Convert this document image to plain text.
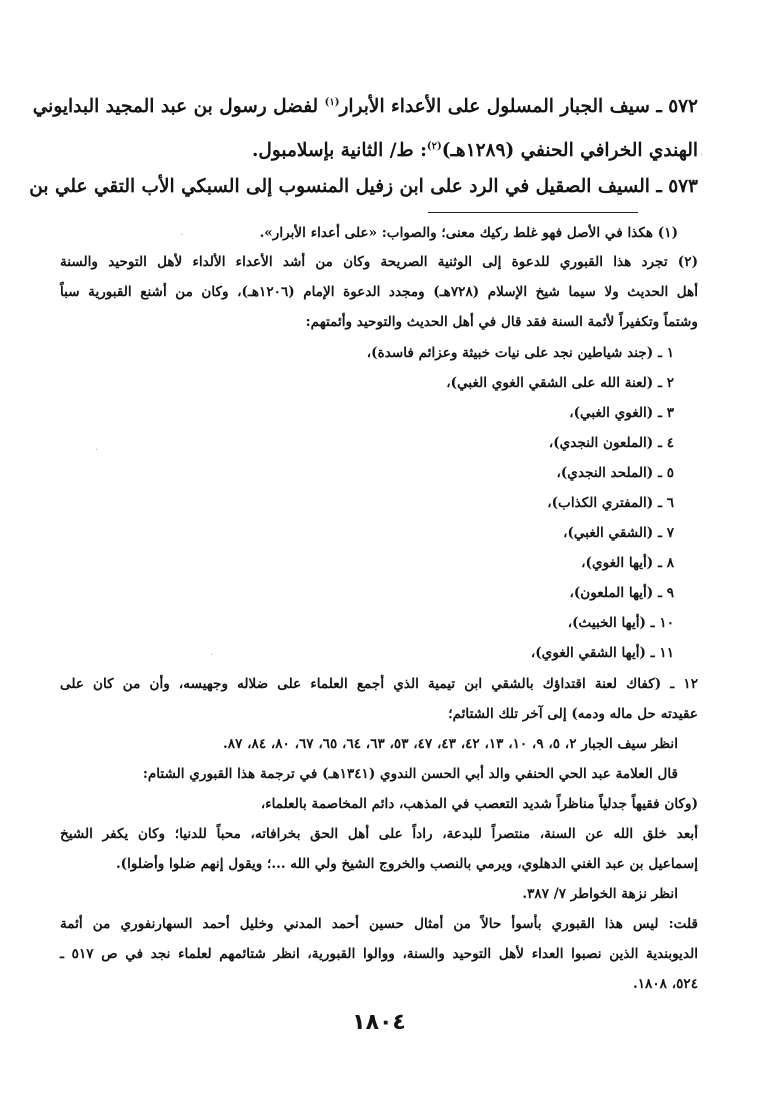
٥٧٢ ـ سيف الجبار المسلول على الأعداء الأبرار$^{(١)}$ لفضل رسول بن عبد المجيد البدايوني
الهندي الخرافي الحنفي (١٢٨٩هـ)$^{(٢)}$: ط/ الثانية بإسلامبول.
٥٧٣ ـ السيف الصقيل في الرد على ابن زفيل المنسوب إلى السبكي الأب التقي علي بن
(١) هكذا في الأصل فهو غلط ركيك معنى؛ والصواب: «على أعداء الأبرار».
(٢) تجرد هذا القبوري للدعوة إلى الوثنية الصريحة وكان من أشد الأعداء الألداء لأهل التوحيد والسنة
أهل الحديث ولا سيما شيخ الإسلام (٧٢٨هـ) ومجدد الدعوة الإمام (١٢٠٦هـ)، وكان من أشنع القبورية سباً
وشتماً وتكفيراً لأئمة السنة فقد قال في أهل الحديث والتوحيد وأئمتهم:
١ ـ (جند شياطين نجد على نيات خبيثة وعزائم فاسدة)،
٢ ـ (لعنة الله على الشقي الغوي الغبي)،
٣ ـ (الغوي الغبي)،
٤ ـ (الملعون النجدي)،
٥ ـ (الملحد النجدي)،
٦ ـ (المفتري الكذاب)،
٧ ـ (الشقي الغبي)،
٨ ـ (أيها الغوي)،
٩ ـ (أيها الملعون)،
١٠ ـ (أيها الخبيث)،
١١ ـ (أيها الشقي الغوي)،
١٢ ـ (كفاك لعنة اقتداؤك بالشقي ابن تيمية الذي أجمع العلماء على ضلاله وجهيسه، وأن من كان على
عقيدته حل ماله ودمه) إلى آخر تلك الشتائم؛
انظر سيف الجبار ٢، ٥، ٩، ١٠، ١٣، ٤٢، ٤٣، ٤٧، ٥٣، ٦٣، ٦٤، ٦٥، ٦٧، ٨٠، ٨٤، ٨٧.
قال العلامة عبد الحي الحنفي والد أبي الحسن الندوي (١٣٤١هـ) في ترجمة هذا القبوري الشتام:
(وكان فقيهاً جدلياً مناظراً شديد التعصب في المذهب، دائم المخاصمة بالعلماء،
أبعد خلق الله عن السنة، منتصراً للبدعة، راداً على أهل الحق بخرافاته، محباً للدنيا؛ وكان يكفر الشيخ
إسماعيل بن عبد الغني الدهلوي، ويرمي بالنصب والخروج الشيخ ولي الله ...؛ ويقول إنهم ضلوا وأضلوا).
انظر نزهة الخواطر ٧/ ٣٨٧.
قلت: ليس هذا القبوري بأسوأ حالاً من أمثال حسين أحمد المدني وخليل أحمد السهارنفوري من أئمة
الديوبندية الذين نصبوا العداء لأهل التوحيد والسنة، ووالوا القبورية، انظر شتائمهم لعلماء نجد في ص ٥١٧ ـ
٥٢٤، ١٨٠٨.
١٨٠٤
·
·
·
·
